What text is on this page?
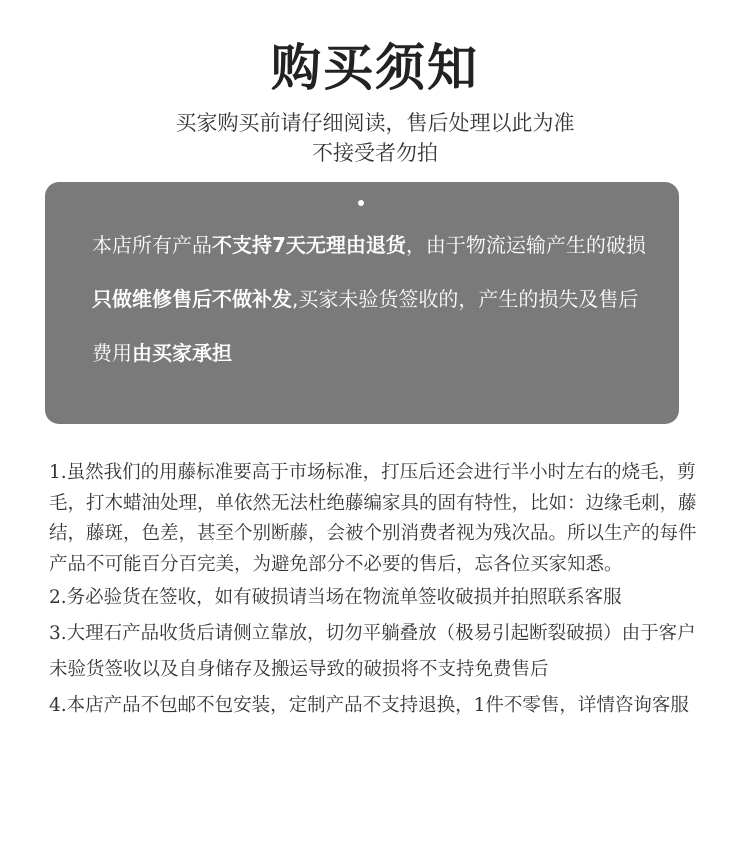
购买须知
买家购买前请仔细阅读，售后处理以此为准
不接受者勿拍
本店所有产品不支持7天无理由退货，由于物流运输产生的破损只做维修售后不做补发,买家未验货签收的，产生的损失及售后费用由买家承担

1.虽然我们的用藤标准要高于市场标准，打压后还会进行半小时左右的烧毛，剪毛，打木蜡油处理，单依然无法杜绝藤编家具的固有特性，比如：边缘毛刺，藤结，藤斑，色差，甚至个别断藤，会被个别消费者视为残次品。所以生产的每件产品不可能百分百完美，为避免部分不必要的售后，忘各位买家知悉。

2.务必验货在签收，如有破损请当场在物流单签收破损并拍照联系客服

3.大理石产品收货后请侧立靠放，切勿平躺叠放（极易引起断裂破损）由于客户未验货签收以及自身储存及搬运导致的破损将不支持免费售后

4.本店产品不包邮不包安装，定制产品不支持退换，1件不零售，详情咨询客服
